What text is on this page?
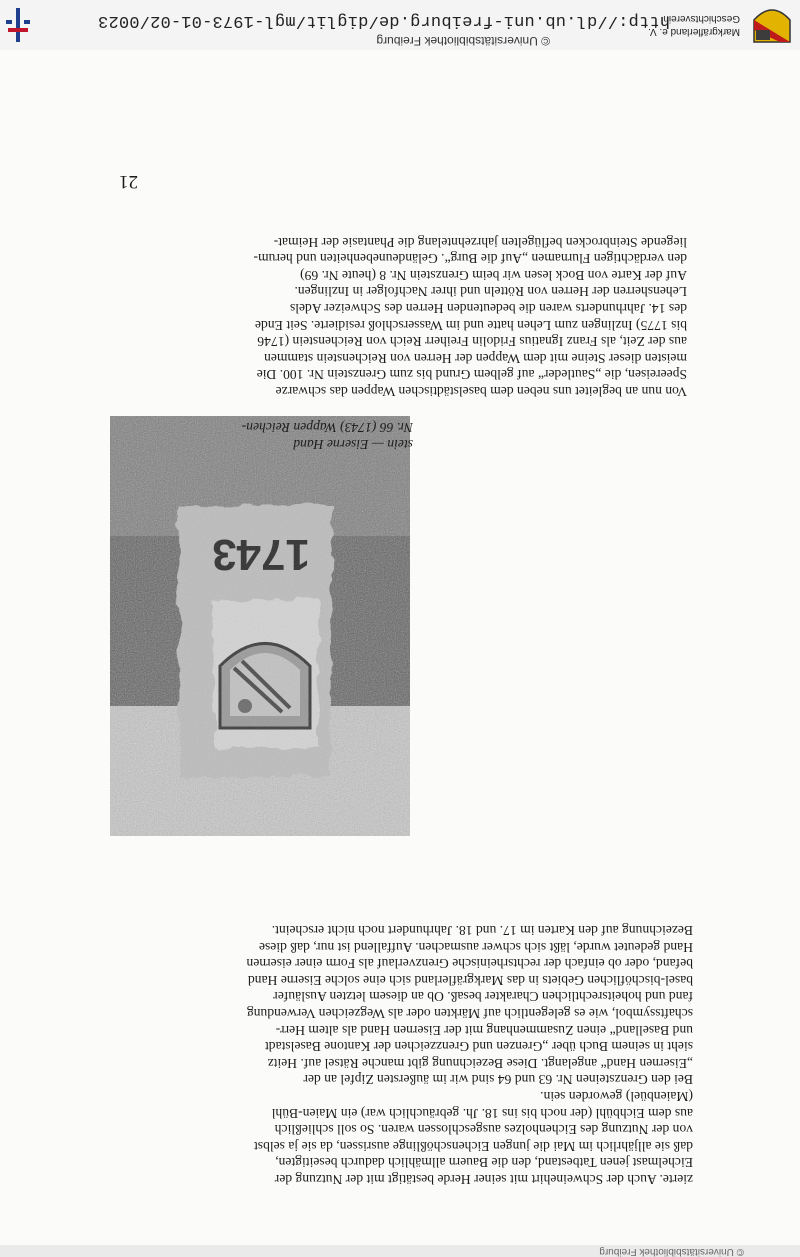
© Universitätsbibliothek Freiburg
zierte. Auch der Schweinehirt mit seiner Herde bestätigt mit der Nutzung der
Eichelmast jenen Tatbestand, den die Bauern allmählich dadurch beseitigten,
daß sie alljährlich im Mai die jungen Eichenschößlinge ausrissen, da sie ja selbst
von der Nutzung des Eichenholzes ausgeschlossen waren. So soll schließlich
aus dem Eichbühl (der noch bis ins 18. Jh. gebräuchlich war) ein Maien-Bühl
(Maienbüel) geworden sein.
Bei den Grenzsteinen Nr. 63 und 64 sind wir im äußersten Zipfel an der
„Eisernen Hand“ angelangt. Diese Bezeichnung gibt manche Rätsel auf. Heitz
sieht in seinem Buch über „Grenzen und Grenzzeichen der Kantone Baselstadt
und Baselland“ einen Zusammenhang mit der Eisernen Hand als altem Herr-
schaftssymbol, wie es gelegentlich auf Märkten oder als Wegzeichen Verwendung
fand und hoheitsrechtlichen Charakter besaß. Ob an diesem letzten Ausläufer
basel-bischöflichen Gebiets in das Markgräflerland sich eine solche Eiserne Hand
befand, oder ob einfach der rechtsrheinische Grenzverlauf als Form einer eisernen
Hand gedeutet wurde, läßt sich schwer ausmachen. Auffallend ist nur, daß diese
Bezeichnung auf den Karten im 17. und 18. Jahrhundert noch nicht erscheint.
1743
stein — Eiserne Hand
Nr. 66 (1743) Wappen Reichen-
Von nun an begleitet uns neben dem baselstädtischen Wappen das schwarze
Speereisen, die „Sautleder“ auf gelbem Grund bis zum Grenzstein Nr. 100. Die
meisten dieser Steine mit dem Wappen der Herren von Reichenstein stammen
aus der Zeit, als Franz Ignatius Fridolin Freiherr Reich von Reichenstein (1746
bis 1775) Inzlingen zum Lehen hatte und im Wasserschloß residierte. Seit Ende
des 14. Jahrhunderts waren die bedeutenden Herren des Schweizer Adels
Lehensherren der Herren von Rötteln und ihrer Nachfolger in Inzlingen.
Auf der Karte von Bock lesen wir beim Grenzstein Nr. 8 (heute Nr. 69)
den verdächtigen Flurnamen „Auf die Burg“. Geländeunebenheiten und herum-
liegende Steinbrocken beflügelten jahrzehntelang die Phantasie der Heimat-
21
http://dl.ub.uni-freiburg.de/diglit/mgl-1973-01-02/0023
© Universitätsbibliothek Freiburg
Markgräflerland e. V.
Geschichtsverein
